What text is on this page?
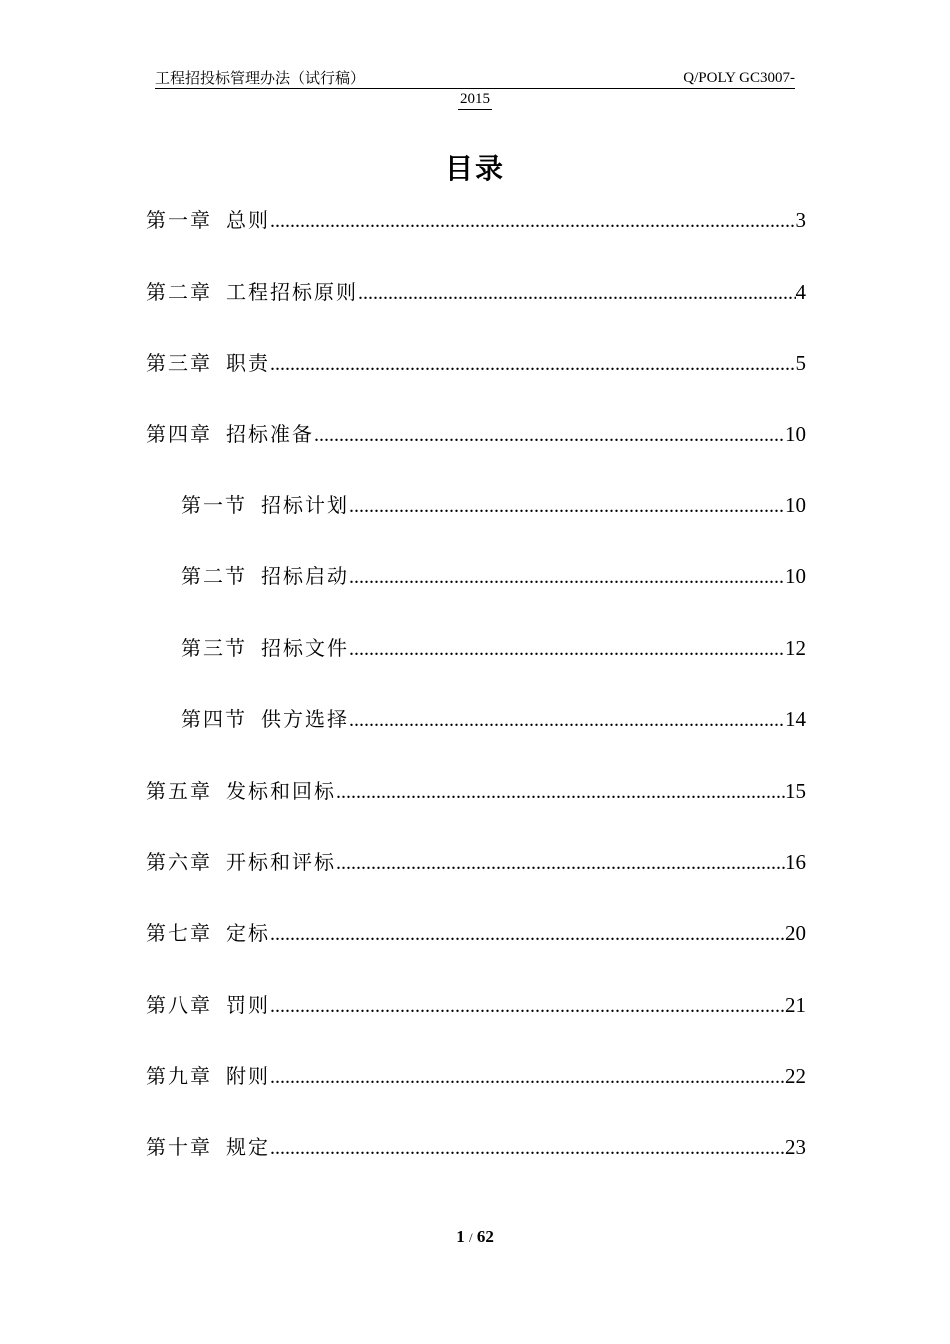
工程招投标管理办法（试行稿）	Q/POLY GC3007-
2015
目录
第一章 总则 .....	3
第二章 工程招标原则 .....	4
第三章 职责 .....	5
第四章 招标准备 .....	10
第一节 招标计划 .....	10
第二节 招标启动 .....	10
第三节 招标文件 .....	12
第四节 供方选择 .....	14
第五章 发标和回标 .....	15
第六章 开标和评标 .....	16
第七章 定标 .....	20
第八章 罚则 .....	21
第九章 附则 .....	22
第十章 规定 .....	23
1 / 62
